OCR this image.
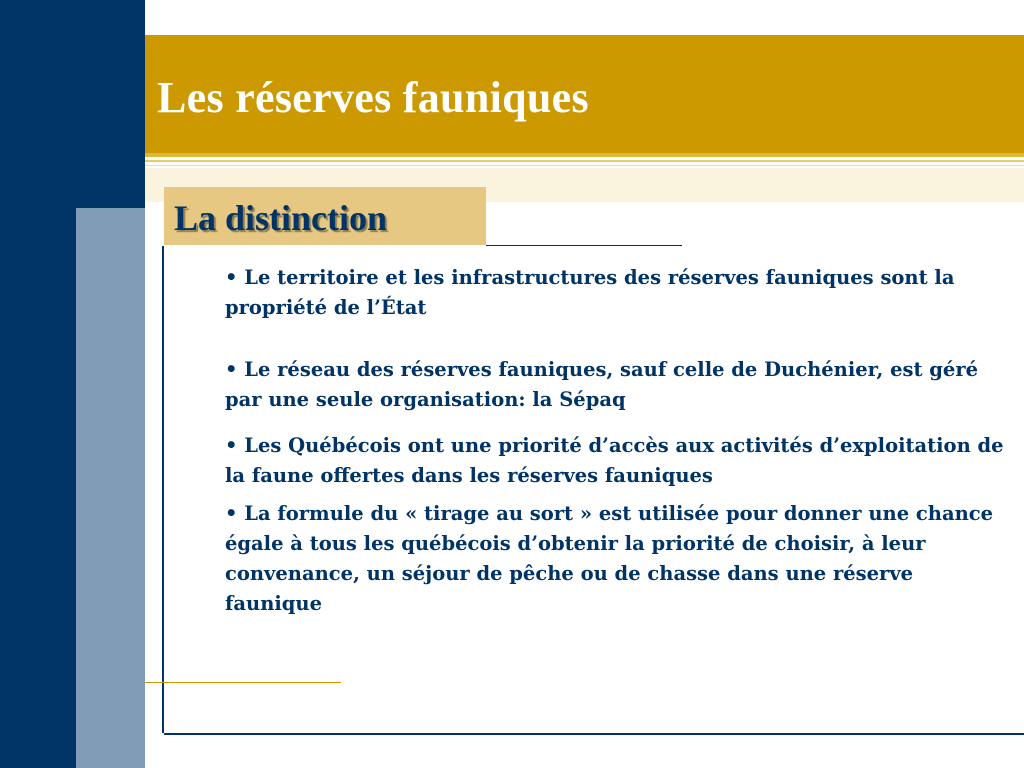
Les réserves fauniques
La distinction
• Le territoire et les infrastructures des réserves fauniques sont la propriété de l’État
• Le réseau des réserves fauniques, sauf celle de Duchénier, est géré par une seule organisation: la Sépaq
• Les Québécois ont une priorité d’accès aux activités d’exploitation de la faune offertes dans les réserves fauniques
• La formule du « tirage au sort » est utilisée pour donner une chance égale à tous les québécois d’obtenir la priorité de choisir, à leur convenance, un séjour de pêche ou de chasse dans une réserve faunique
